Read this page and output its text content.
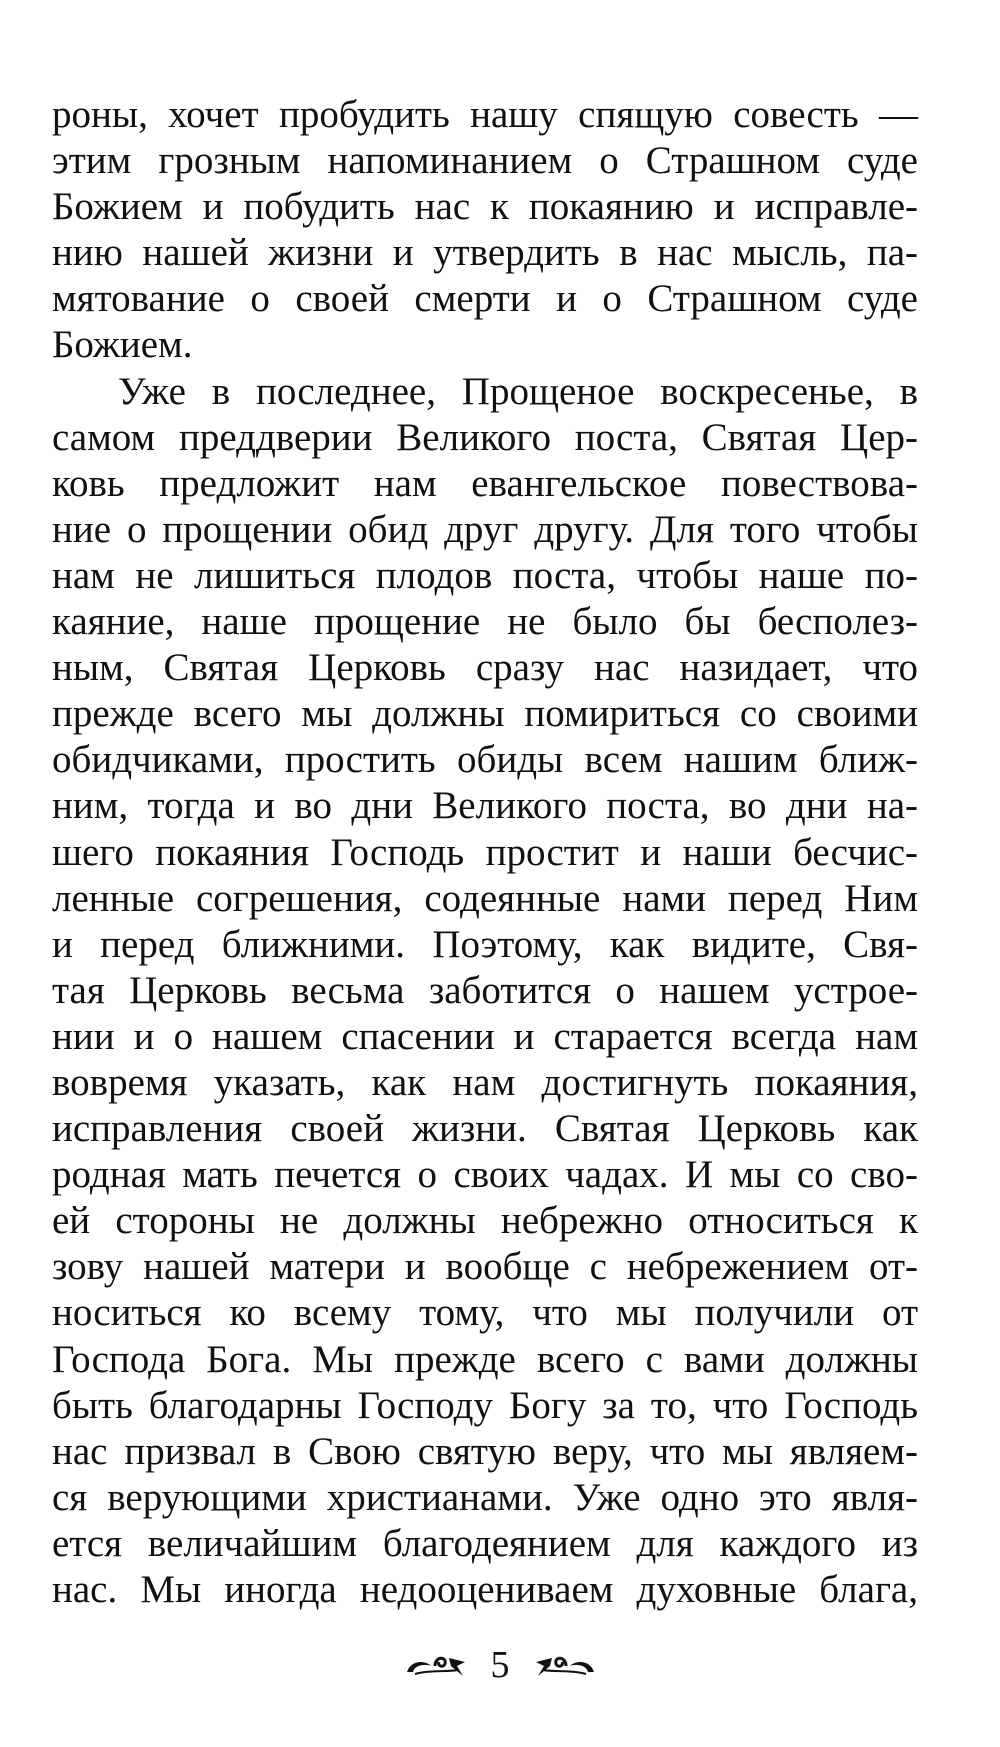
роны, хочет пробудить нашу спящую совесть —
этим грозным напоминанием о Страшном суде
Божием и побудить нас к покаянию и исправле-
нию нашей жизни и утвердить в нас мысль, па-
мятование о своей смерти и о Страшном суде
Божием.
Уже в последнее, Прощеное воскресенье, в
самом преддверии Великого поста, Святая Цер-
ковь предложит нам евангельское повествова-
ние о прощении обид друг другу. Для того чтобы
нам не лишиться плодов поста, чтобы наше по-
каяние, наше прощение не было бы бесполез-
ным, Святая Церковь сразу нас назидает, что
прежде всего мы должны помириться со своими
обидчиками, простить обиды всем нашим ближ-
ним, тогда и во дни Великого поста, во дни на-
шего покаяния Господь простит и наши бесчис-
ленные согрешения, содеянные нами перед Ним
и перед ближними. Поэтому, как видите, Свя-
тая Церковь весьма заботится о нашем устрое-
нии и о нашем спасении и старается всегда нам
вовремя указать, как нам достигнуть покаяния,
исправления своей жизни. Святая Церковь как
родная мать печется о своих чадах. И мы со сво-
ей стороны не должны небрежно относиться к
зову нашей матери и вообще с небрежением от-
носиться ко всему тому, что мы получили от
Господа Бога. Мы прежде всего с вами должны
быть благодарны Господу Богу за то, что Господь
нас призвал в Свою святую веру, что мы являем-
ся верующими христианами. Уже одно это явля-
ется величайшим благодеянием для каждого из
нас. Мы иногда недооцениваем духовные блага,
5
